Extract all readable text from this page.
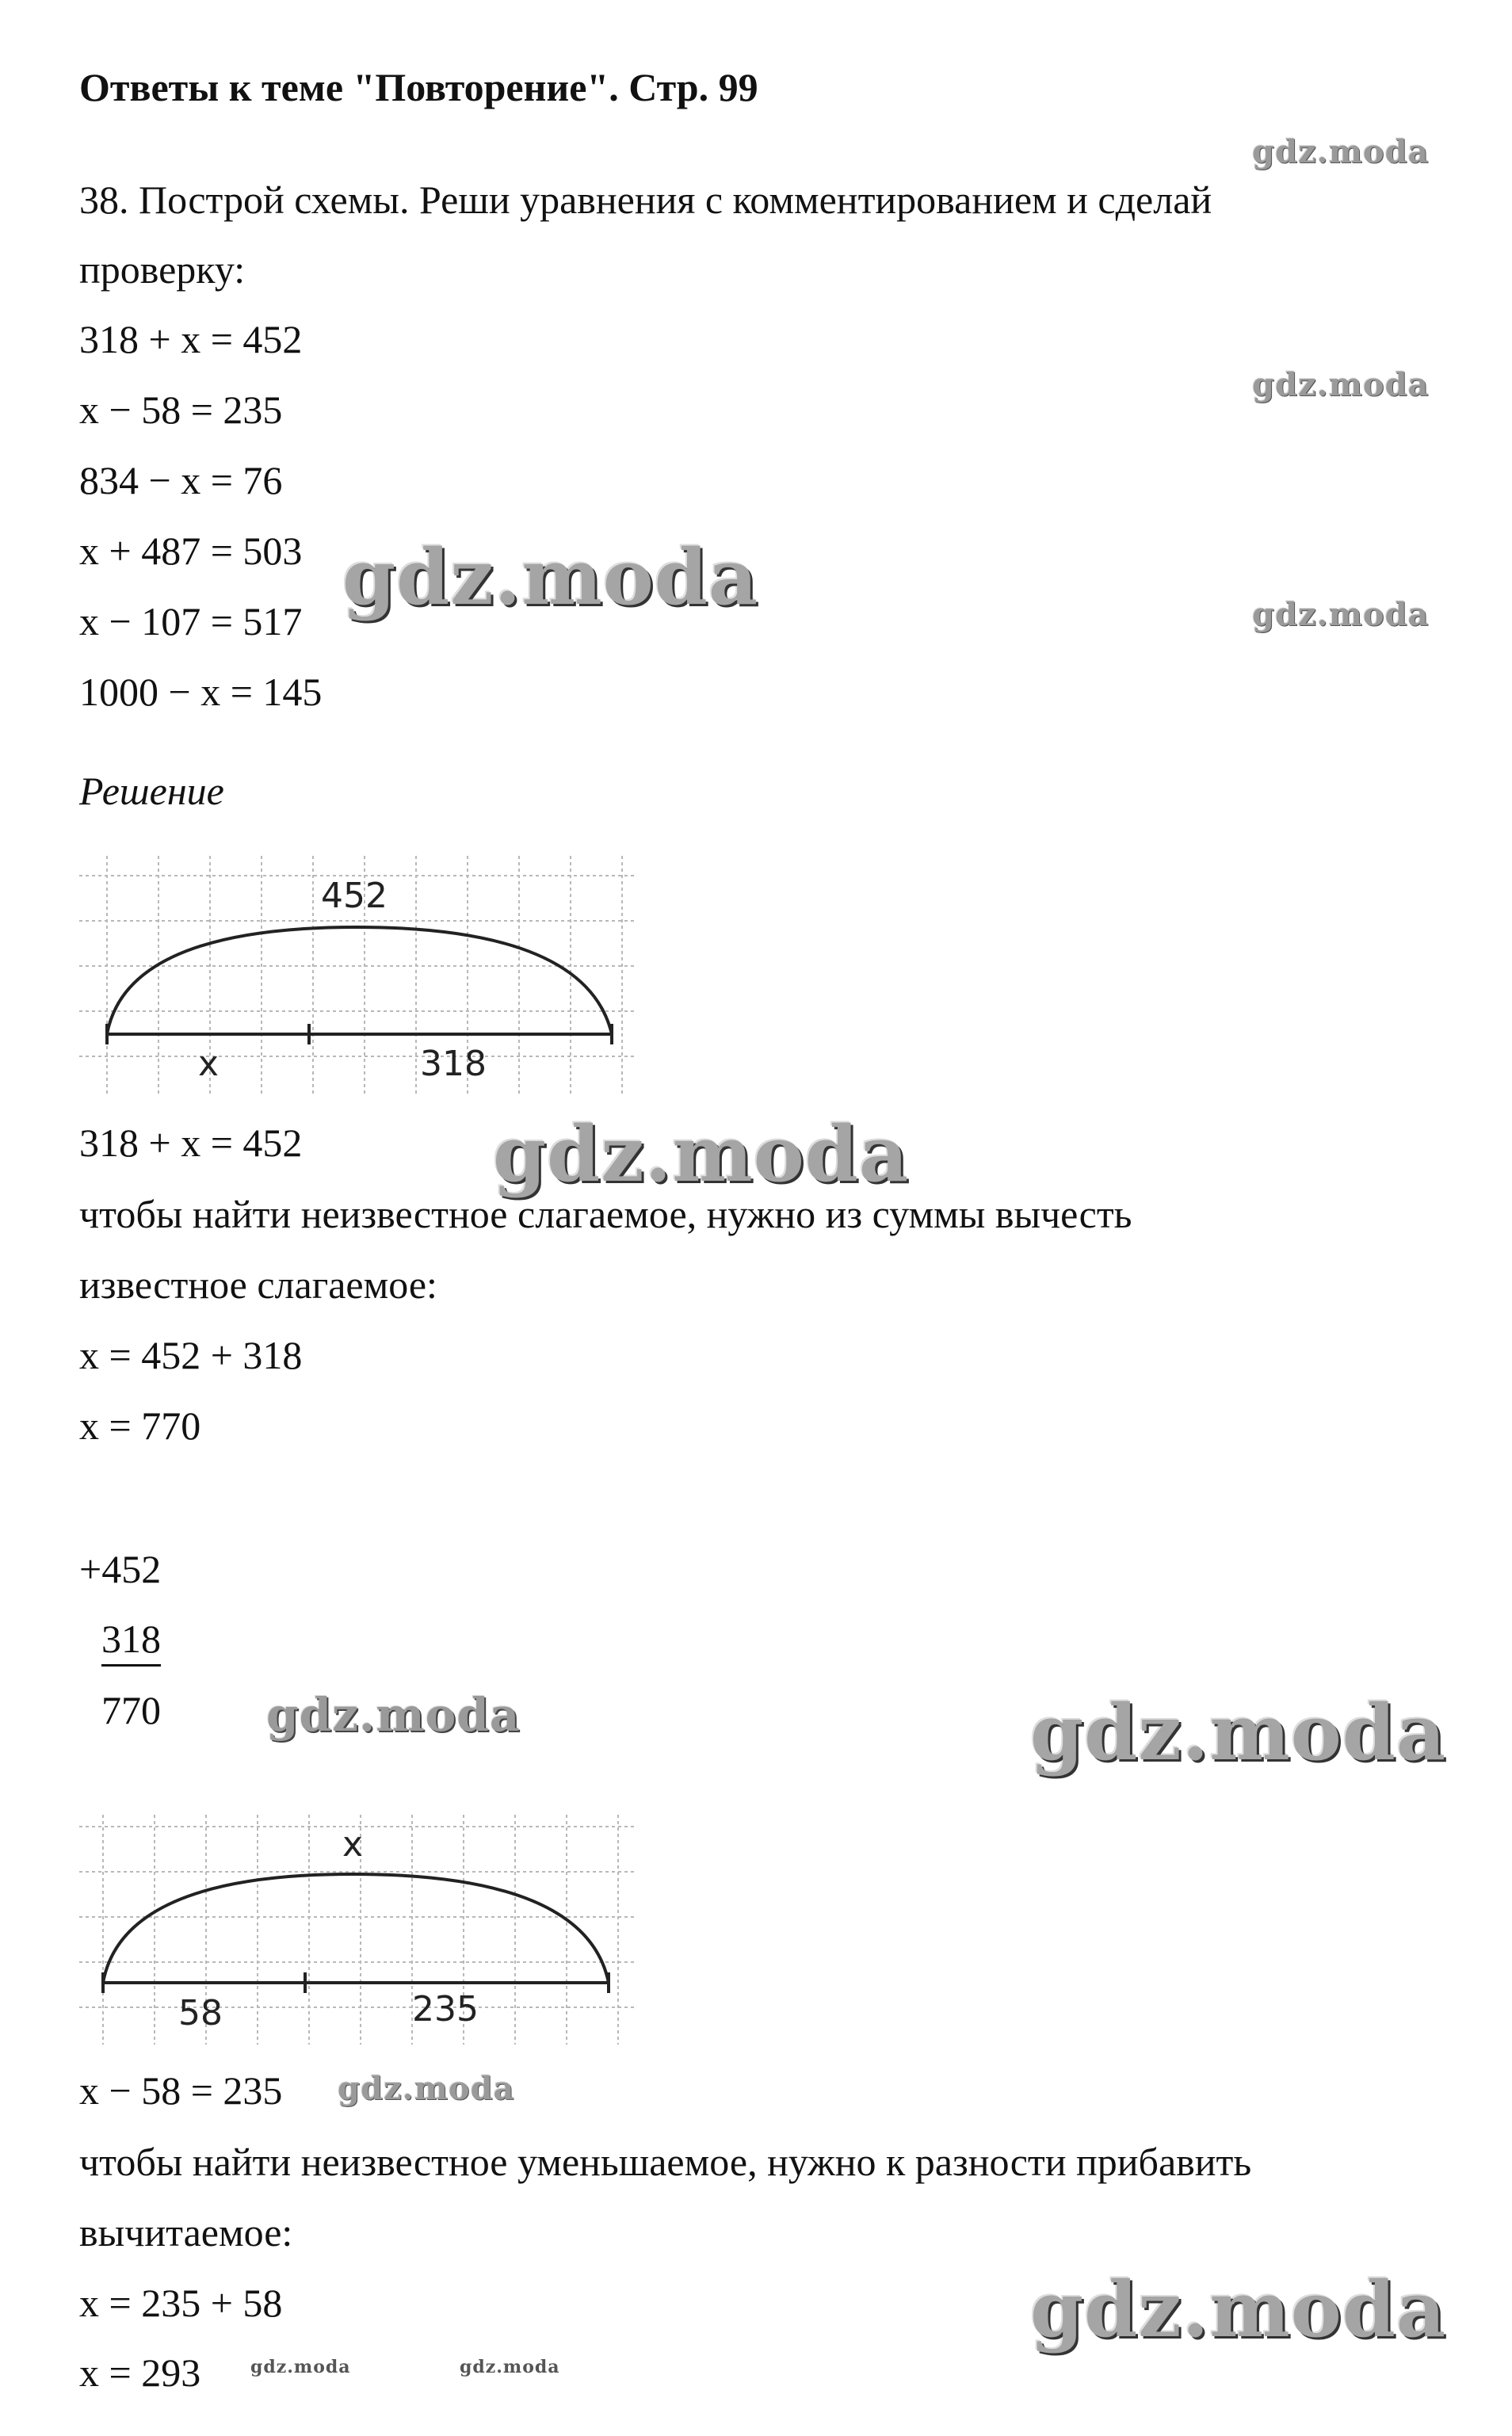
Ответы к теме "Повторение". Стр. 99
38. Построй схемы. Реши уравнения с комментированием и сделай
проверку:
318 + x = 452
x − 58 = 235
834 − x = 76
x + 487 = 503
x − 107 = 517
1000 − x = 145
Решение
452
x	318
318 + x = 452
чтобы найти неизвестное слагаемое, нужно из суммы вычесть
известное слагаемое:
x = 452 + 318
x = 770
+452
318
770
x
58	235
x − 58 = 235
чтобы найти неизвестное уменьшаемое, нужно к разности прибавить
вычитаемое:
x = 235 + 58
x = 293
gdz.moda
gdz.moda
gdz.moda
gdz.moda
gdz.moda
gdz.moda	gdz.moda
gdz.moda
gdz.moda
gdz.moda	gdz.moda
